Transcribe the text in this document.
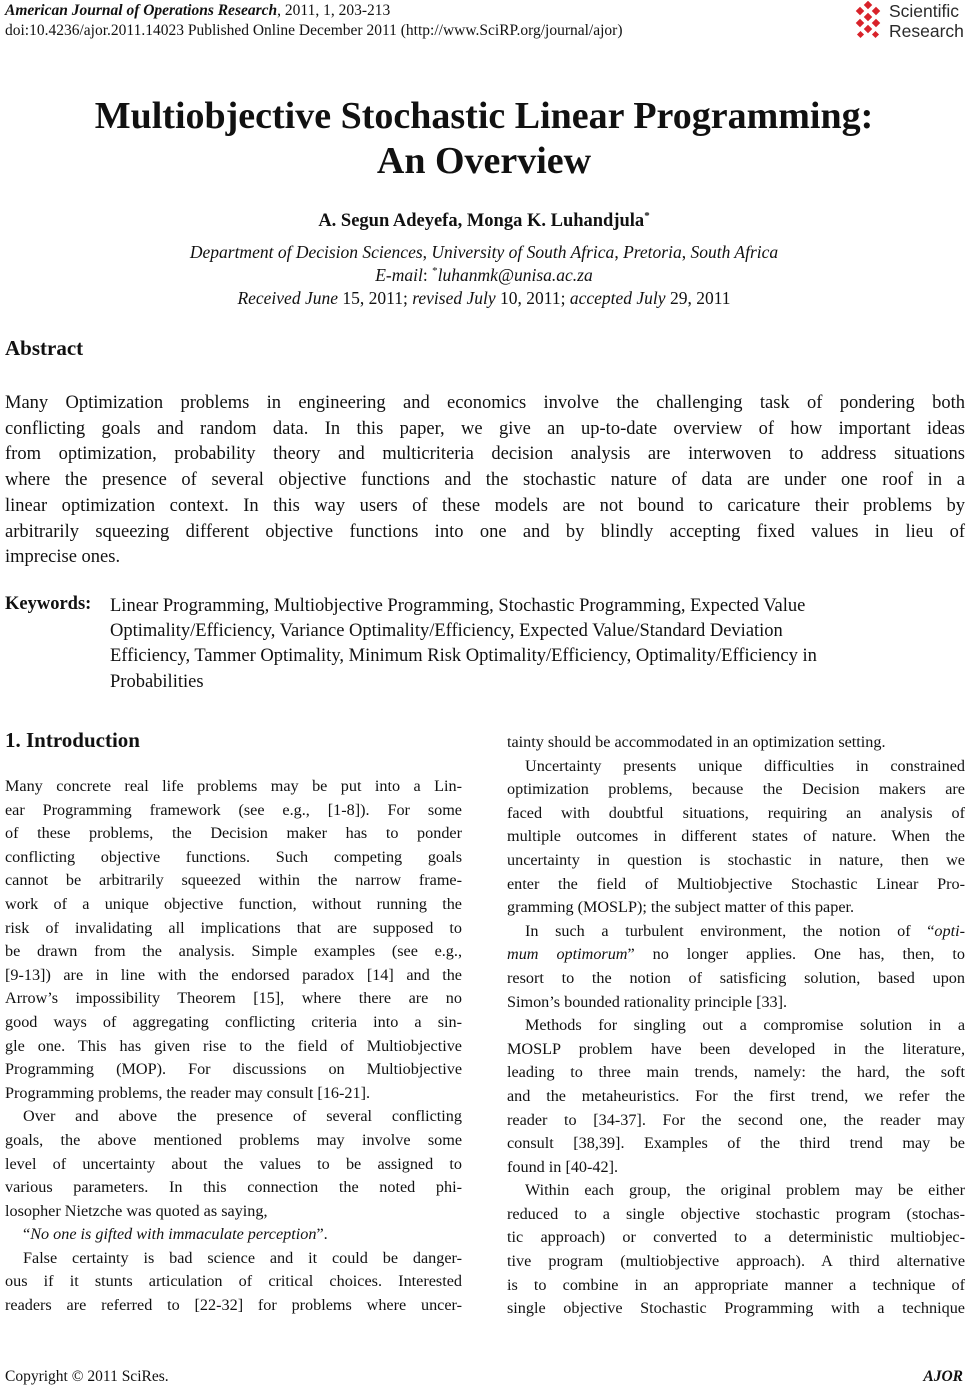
American Journal of Operations Research, 2011, 1, 203-213
doi:10.4236/ajor.2011.14023 Published Online December 2011 (http://www.SciRP.org/journal/ajor)
Scientific
Research
Multiobjective Stochastic Linear Programming:
An Overview
A. Segun Adeyefa, Monga K. Luhandjula*
Department of Decision Sciences, University of South Africa, Pretoria, South Africa
E-mail: *luhanmk@unisa.ac.za
Received June 15, 2011; revised July 10, 2011; accepted July 29, 2011
Abstract
Many Optimization problems in engineering and economics involve the challenging task of pondering both
conflicting goals and random data. In this paper, we give an up-to-date overview of how important ideas
from optimization, probability theory and multicriteria decision analysis are interwoven to address situations
where the presence of several objective functions and the stochastic nature of data are under one roof in a
linear optimization context. In this way users of these models are not bound to caricature their problems by
arbitrarily squeezing different objective functions into one and by blindly accepting fixed values in lieu of
imprecise ones.
Keywords: Linear Programming, Multiobjective Programming, Stochastic Programming, Expected Value
Optimality/Efficiency, Variance Optimality/Efficiency, Expected Value/Standard Deviation
Efficiency, Tammer Optimality, Minimum Risk Optimality/Efficiency, Optimality/Efficiency in
Probabilities
1. Introduction
Many concrete real life problems may be put into a Lin-
ear Programming framework (see e.g., [1-8]). For some
of these problems, the Decision maker has to ponder
conflicting objective functions. Such competing goals
cannot be arbitrarily squeezed within the narrow frame-
work of a unique objective function, without running the
risk of invalidating all implications that are supposed to
be drawn from the analysis. Simple examples (see e.g.,
[9-13]) are in line with the endorsed paradox [14] and the
Arrow’s impossibility Theorem [15], where there are no
good ways of aggregating conflicting criteria into a sin-
gle one. This has given rise to the field of Multiobjective
Programming (MOP). For discussions on Multiobjective
Programming problems, the reader may consult [16-21].
Over and above the presence of several conflicting
goals, the above mentioned problems may involve some
level of uncertainty about the values to be assigned to
various parameters. In this connection the noted phi-
losopher Nietzche was quoted as saying,
“No one is gifted with immaculate perception”.
False certainty is bad science and it could be danger-
ous if it stunts articulation of critical choices. Interested
readers are referred to [22-32] for problems where uncer-
tainty should be accommodated in an optimization setting.
Uncertainty presents unique difficulties in constrained
optimization problems, because the Decision makers are
faced with doubtful situations, requiring an analysis of
multiple outcomes in different states of nature. When the
uncertainty in question is stochastic in nature, then we
enter the field of Multiobjective Stochastic Linear Pro-
gramming (MOSLP); the subject matter of this paper.
In such a turbulent environment, the notion of “opti-
mum optimorum” no longer applies. One has, then, to
resort to the notion of satisficing solution, based upon
Simon’s bounded rationality principle [33].
Methods for singling out a compromise solution in a
MOSLP problem have been developed in the literature,
leading to three main trends, namely: the hard, the soft
and the metaheuristics. For the first trend, we refer the
reader to [34-37]. For the second one, the reader may
consult [38,39]. Examples of the third trend may be
found in [40-42].
Within each group, the original problem may be either
reduced to a single objective stochastic program (stochas-
tic approach) or converted to a deterministic multiobjec-
tive program (multiobjective approach). A third alternative
is to combine in an appropriate manner a technique of
single objective Stochastic Programming with a technique
Copyright © 2011 SciRes.	AJOR
